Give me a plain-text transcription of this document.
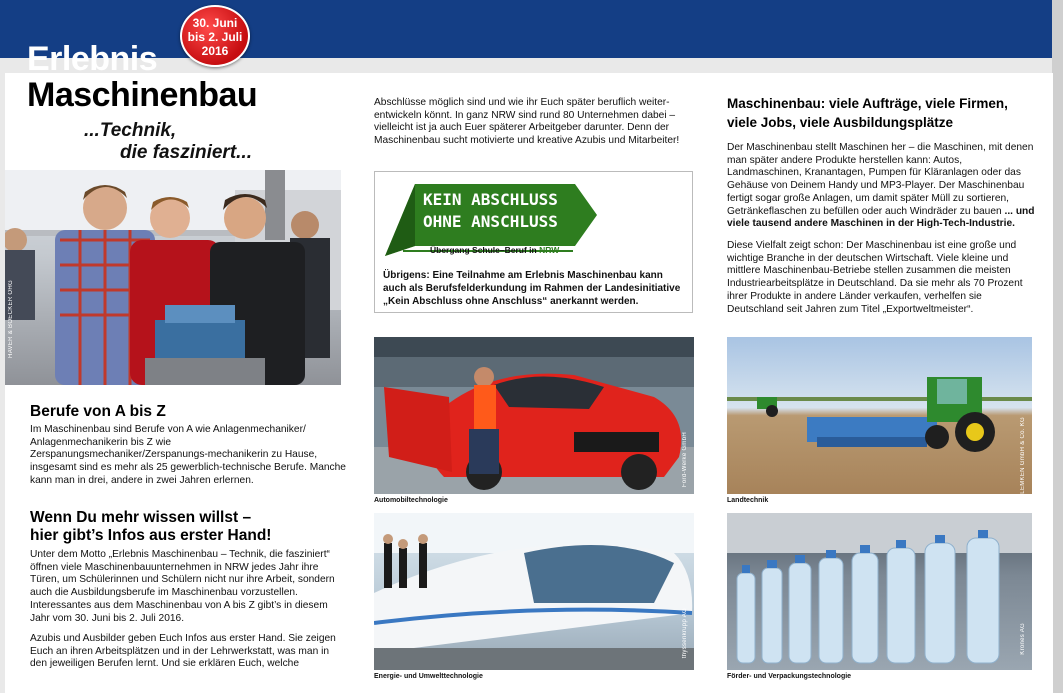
Erlebnis
Maschinenbau
...Technik,
die fasziniert...
30. Juni
bis 2. Juli
2016
HAVER & BOECKER OHG
Berufe von A bis Z
Im Maschinenbau sind Berufe von A wie Anlagenmechaniker/ Anlagenmechanikerin bis Z wie Zerspanungsmechaniker/Zerspanungs-mechanikerin zu Hause, insgesamt sind es mehr als 25 gewerblich-technische Berufe. Manche kann man in drei, andere in zwei Jahren erlernen.
Wenn Du mehr wissen willst –
hier gibt’s Infos aus erster Hand!
Unter dem Motto „Erlebnis Maschinenbau – Technik, die fasziniert“ öffnen viele Maschinenbauunternehmen in NRW jedes Jahr ihre Türen, um Schülerinnen und Schülern nicht nur ihre Arbeit, sondern auch die Ausbildungsberufe im Maschinenbau vorzustellen. Interessantes aus dem Maschinenbau von A bis Z gibt’s in diesem Jahr vom 30. Juni bis 2. Juli 2016.
Azubis und Ausbilder geben Euch Infos aus erster Hand. Sie zeigen Euch an ihren Arbeitsplätzen und in der Lehrwerkstatt, was man in den jeweiligen Berufen lernt. Und sie erklären Euch, welche
Abschlüsse möglich sind und wie ihr Euch später beruflich weiter-entwickeln könnt. In ganz NRW sind rund 80 Unternehmen dabei – vielleicht ist ja auch Euer späterer Arbeitgeber darunter. Denn der Maschinenbau sucht motivierte und kreative Azubis und Mitarbeiter!
KEIN ABSCHLUSS
OHNE ANSCHLUSS
Übergang Schule–Beruf in NRW
Übrigens: Eine Teilnahme am Erlebnis Maschinenbau kann auch als Berufsfelderkundung im Rahmen der Landesinitiative „Kein Abschluss ohne Anschluss“ anerkannt werden.
Ford-Werke GmbH
Automobiltechnologie
thyssenkrupp AG
Energie- und Umwelttechnologie
Maschinenbau: viele Aufträge, viele Firmen,
viele Jobs, viele Ausbildungsplätze
Der Maschinenbau stellt Maschinen her – die Maschinen, mit denen man später andere Produkte herstellen kann: Autos, Landmaschinen, Kranantagen, Pumpen für Kläranlagen oder das Gehäuse von Deinem Handy und MP3-Player. Der Maschinenbau fertigt sogar große Anlagen, um damit später Müll zu sortieren, Getränkeflaschen zu befüllen oder auch Windräder zu bauen ... und viele tausend andere Maschinen in der High-Tech-Industrie.
Diese Vielfalt zeigt schon: Der Maschinenbau ist eine große und wichtige Branche in der deutschen Wirtschaft. Viele kleine und mittlere Maschinenbau-Betriebe stellen zusammen die meisten Industriearbeitsplätze in Deutschland. Da sie mehr als 70 Prozent ihrer Produkte in andere Länder verkaufen, verhelfen sie Deutschland seit Jahren zum Titel „Exportweltmeister“.
LEMKEN GmbH & Co. KG
Landtechnik
Krones AG
Förder- und Verpackungstechnologie
